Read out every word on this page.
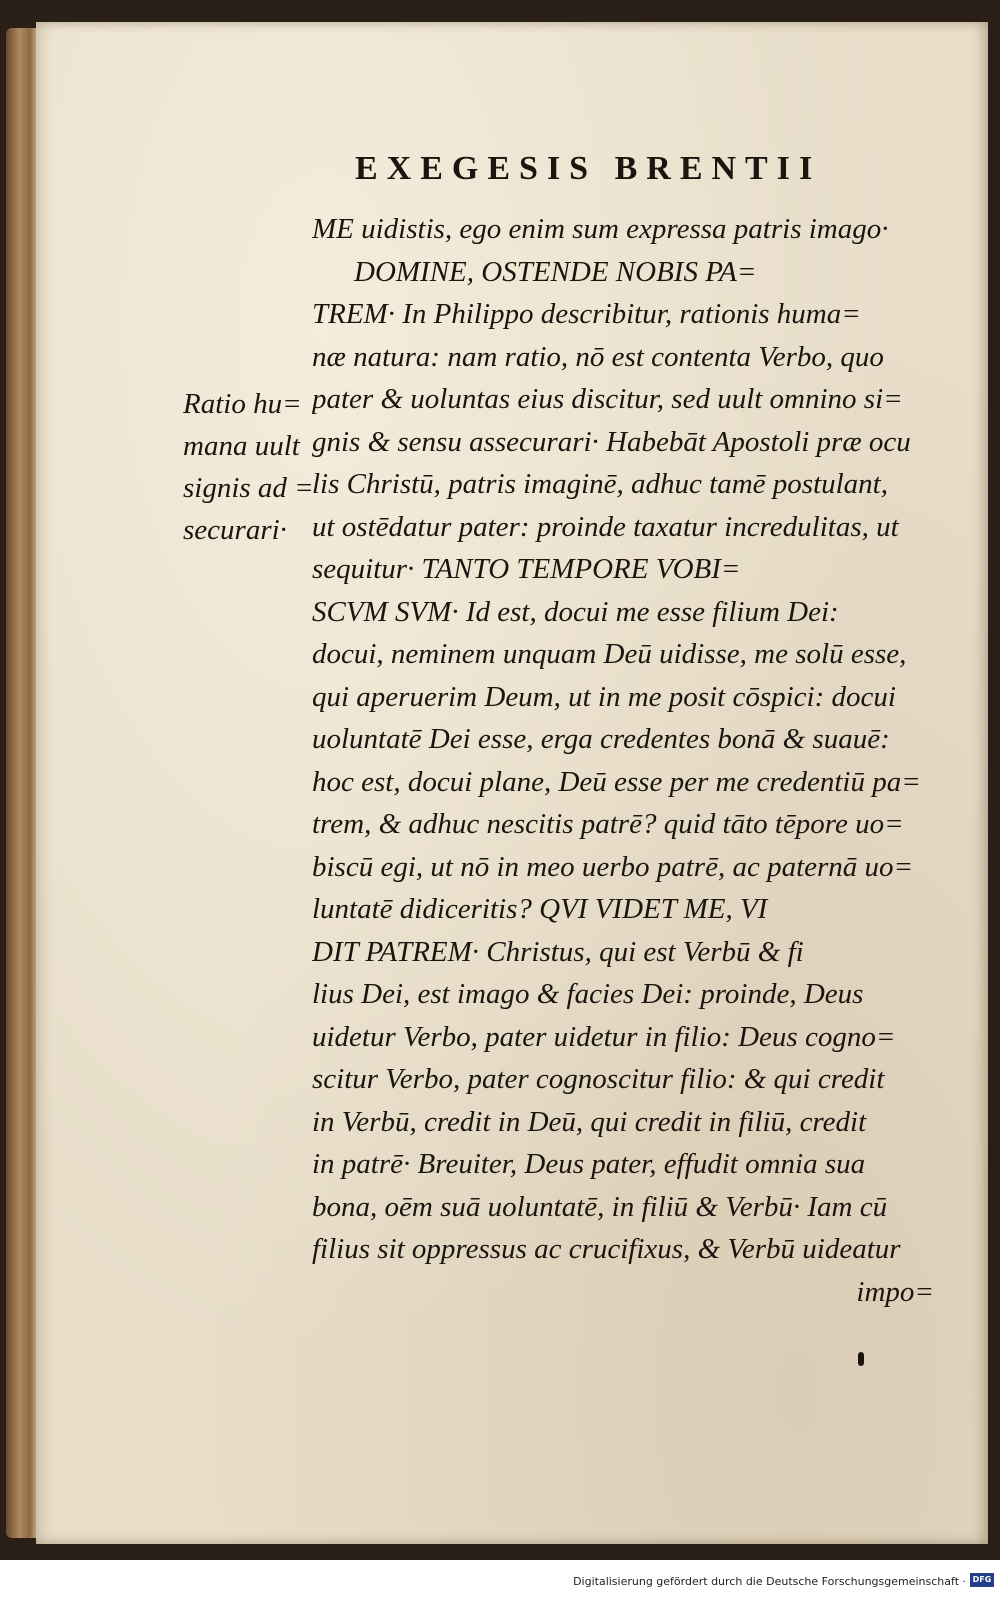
EXEGESIS BRENTII
Ratio hu=
mana uult
signis ad =
securari·
ME uidistis, ego enim sum expressa patris imago·
DOMINE, OSTENDE NOBIS PA=
TREM· In Philippo describitur, rationis huma=
næ natura: nam ratio, nō est contenta Verbo, quo
pater & uoluntas eius discitur, sed uult omnino si=
gnis & sensu assecurari· Habebāt Apostoli præ ocu
lis Christū, patris imaginē, adhuc tamē postulant,
ut ostēdatur pater: proinde taxatur incredulitas, ut
sequitur· TANTO TEMPORE VOBI=
SCVM SVM· Id est, docui me esse filium Dei:
docui, neminem unquam Deū uidisse, me solū esse,
qui aperuerim Deum, ut in me posit cōspici: docui
uoluntatē Dei esse, erga credentes bonā & suauē:
hoc est, docui plane, Deū esse per me credentiū pa=
trem, & adhuc nescitis patrē? quid tāto tēpore uo=
biscū egi, ut nō in meo uerbo patrē, ac paternā uo=
luntatē didiceritis? QVI VIDET ME, VI
DIT PATREM· Christus, qui est Verbū & fi
lius Dei, est imago & facies Dei: proinde, Deus
uidetur Verbo, pater uidetur in filio: Deus cogno=
scitur Verbo, pater cognoscitur filio: & qui credit
in Verbū, credit in Deū, qui credit in filiū, credit
in patrē· Breuiter, Deus pater, effudit omnia sua
bona, oēm suā uoluntatē, in filiū & Verbū· Iam cū
filius sit oppressus ac crucifixus, & Verbū uideatur
impo=
Digitalisierung gefördert durch die Deutsche Forschungsgemeinschaft · DFG
